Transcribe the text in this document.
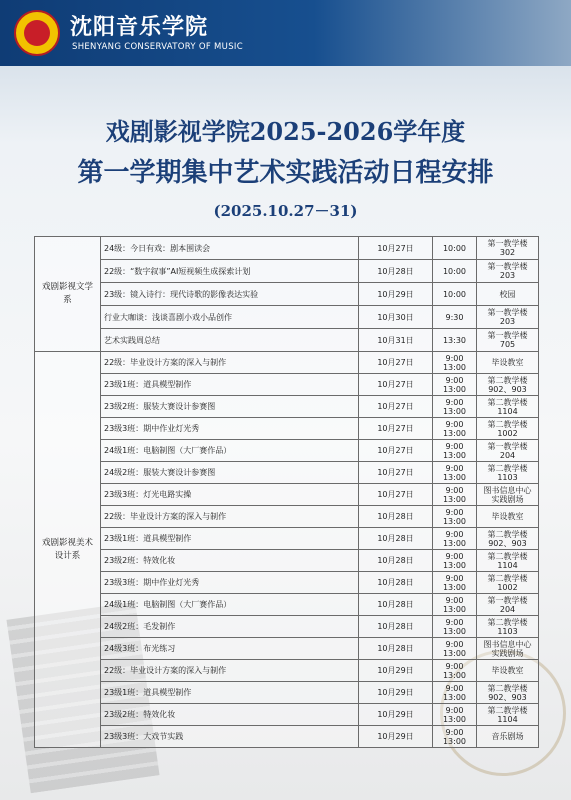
沈阳音乐学院
SHENYANG CONSERVATORY OF MUSIC
戏剧影视学院2025-2026学年度
第一学期集中艺术实践活动日程安排
(2025.10.27－31)
戏剧影视文学系	24级：今日有戏：剧本围读会	10月27日	10:00	第一教学楼302
	22级：“数字叙事”AI短视频生成探索计划	10月28日	10:00	第一教学楼203
	23级：镜入诗行：现代诗歌的影像表达实验	10月29日	10:00	校园
	行业大咖谈：浅谈喜剧小戏小品创作	10月30日	9:30	第一教学楼203
	艺术实践周总结	10月31日	13:30	第一教学楼705
戏剧影视美术设计系	22级：毕业设计方案的深入与制作	10月27日	9:00
13:00	毕设教室
	23级1班：道具模型制作	10月27日	9:00
13:00	第二教学楼
902、903
	23级2班：服装大赛设计参赛图	10月27日	9:00
13:00	第二教学楼1104
	23级3班：期中作业灯光秀	10月27日	9:00
13:00	第二教学楼1002
	24级1班：电脑制图（大厂赛作品）	10月27日	9:00
13:00	第一教学楼204
	24级2班：服装大赛设计参赛图	10月27日	9:00
13:00	第二教学楼1103
	23级3班：灯光电路实操	10月27日	9:00
13:00	图书信息中心
实践剧场
	22级：毕业设计方案的深入与制作	10月28日	9:00
13:00	毕设教室
	23级1班：道具模型制作	10月28日	9:00
13:00	第二教学楼
902、903
	23级2班：特效化妆	10月28日	9:00
13:00	第二教学楼1104
	23级3班：期中作业灯光秀	10月28日	9:00
13:00	第二教学楼1002
	24级1班：电脑制图（大厂赛作品）	10月28日	9:00
13:00	第一教学楼204
	24级2班：毛发制作	10月28日	9:00
13:00	第二教学楼1103
	24级3班：布光练习	10月28日	9:00
13:00	图书信息中心
实践剧场
	22级：毕业设计方案的深入与制作	10月29日	9:00
13:00	毕设教室
	23级1班：道具模型制作	10月29日	9:00
13:00	第二教学楼
902、903
	23级2班：特效化妆	10月29日	9:00
13:00	第二教学楼1104
	23级3班：大戏节实践	10月29日	9:00
13:00	音乐剧场
